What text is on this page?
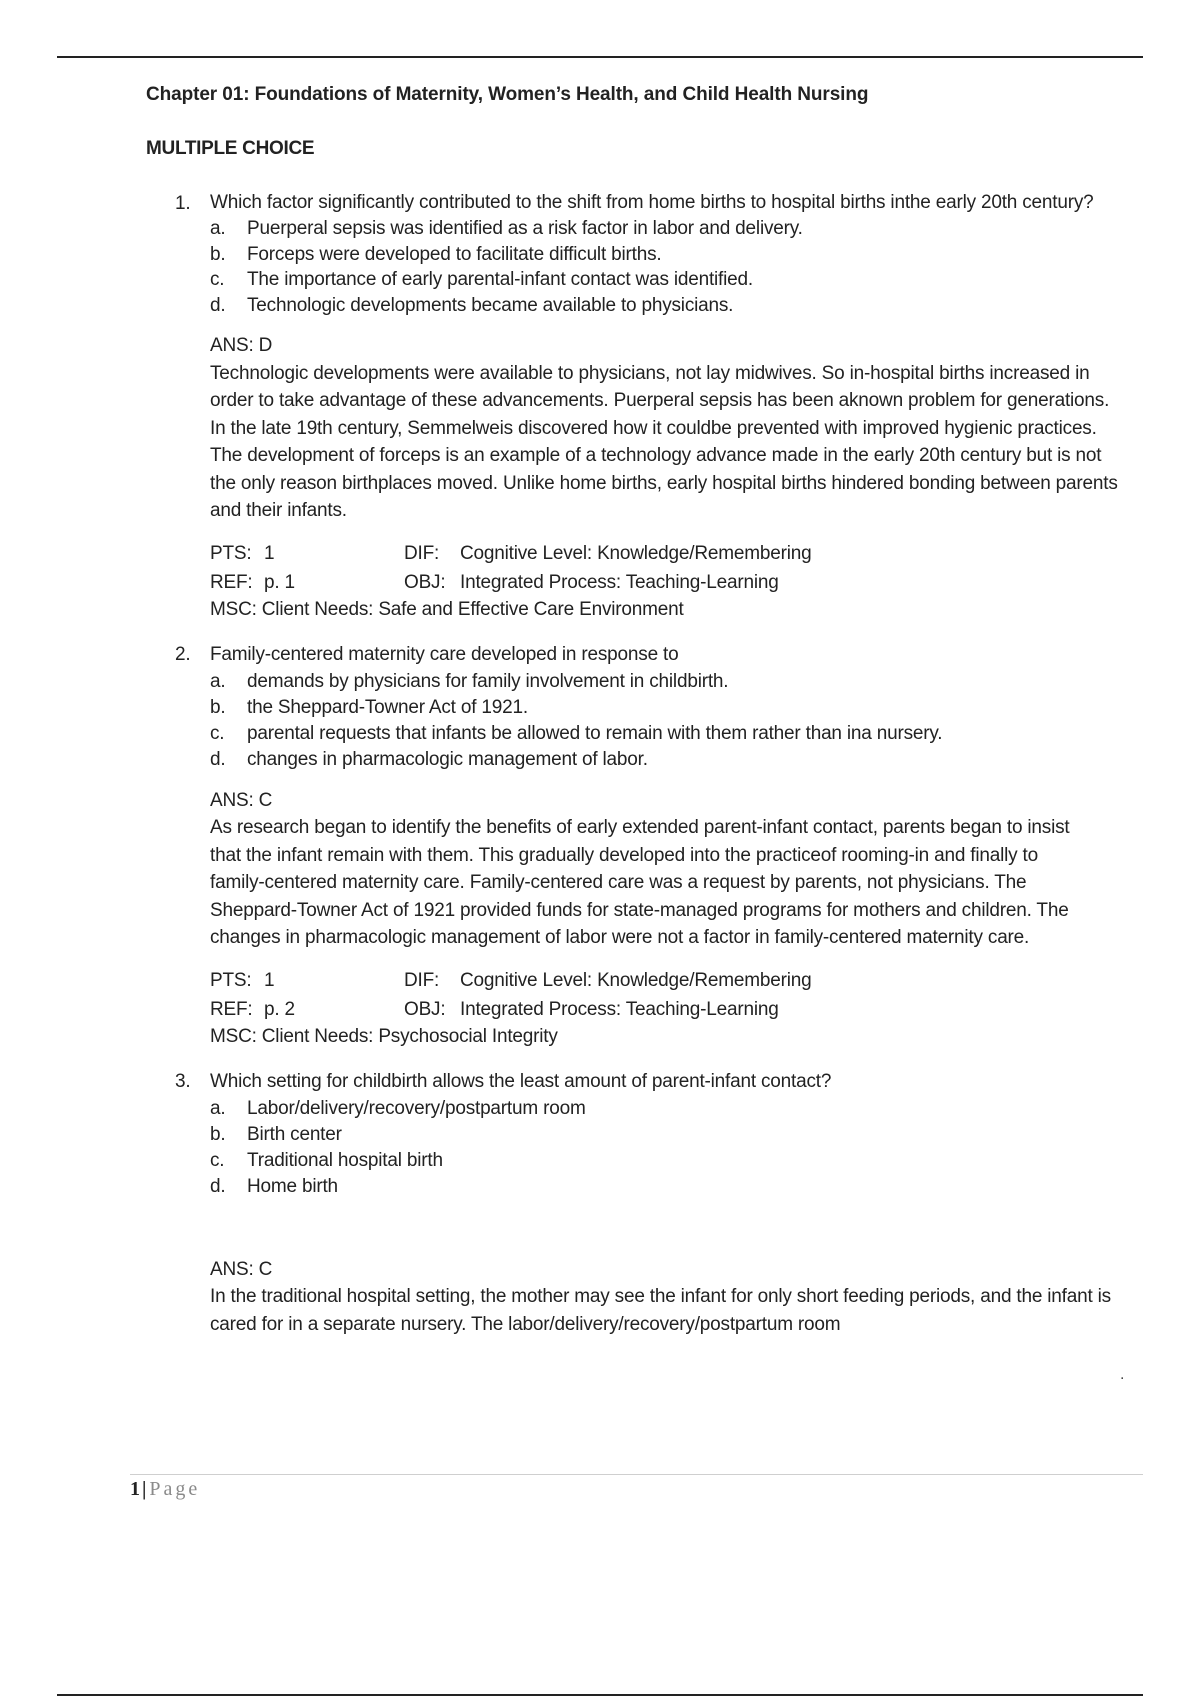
Chapter 01: Foundations of Maternity, Women’s Health, and Child Health Nursing
MULTIPLE CHOICE
1. Which factor significantly contributed to the shift from home births to hospital births inthe early 20th century?
a. Puerperal sepsis was identified as a risk factor in labor and delivery.
b. Forceps were developed to facilitate difficult births.
c. The importance of early parental-infant contact was identified.
d. Technologic developments became available to physicians.
ANS: D

Technologic developments were available to physicians, not lay midwives. So in-hospital births increased in order to take advantage of these advancements. Puerperal sepsis has been aknown problem for generations. In the late 19th century, Semmelweis discovered how it couldbe prevented with improved hygienic practices. The development of forceps is an example of a technology advance made in the early 20th century but is not the only reason birthplaces moved. Unlike home births, early hospital births hindered bonding between parents and their infants.

PTS: 1	DIF:	Cognitive Level: Knowledge/Remembering
REF: p. 1	OBJ: Integrated Process: Teaching-Learning
MSC: Client Needs: Safe and Effective Care Environment
2. Family-centered maternity care developed in response to
a. demands by physicians for family involvement in childbirth.
b. the Sheppard-Towner Act of 1921.
c. parental requests that infants be allowed to remain with them rather than ina nursery.
d. changes in pharmacologic management of labor.
ANS: C

As research began to identify the benefits of early extended parent-infant contact, parents began to insist that the infant remain with them. This gradually developed into the practiceof rooming-in and finally to family-centered maternity care. Family-centered care was a request by parents, not physicians. The Sheppard-Towner Act of 1921 provided funds for state-managed programs for mothers and children. The changes in pharmacologic management of labor were not a factor in family-centered maternity care.

PTS: 1	DIF:	Cognitive Level: Knowledge/Remembering
REF: p. 2	OBJ: Integrated Process: Teaching-Learning
MSC: Client Needs: Psychosocial Integrity
3. Which setting for childbirth allows the least amount of parent-infant contact?
a. Labor/delivery/recovery/postpartum room
b. Birth center
c. Traditional hospital birth
d. Home birth
ANS: C

In the traditional hospital setting, the mother may see the infant for only short feeding periods, and the infant is cared for in a separate nursery. The labor/delivery/recovery/postpartum room

.
1 | Page
